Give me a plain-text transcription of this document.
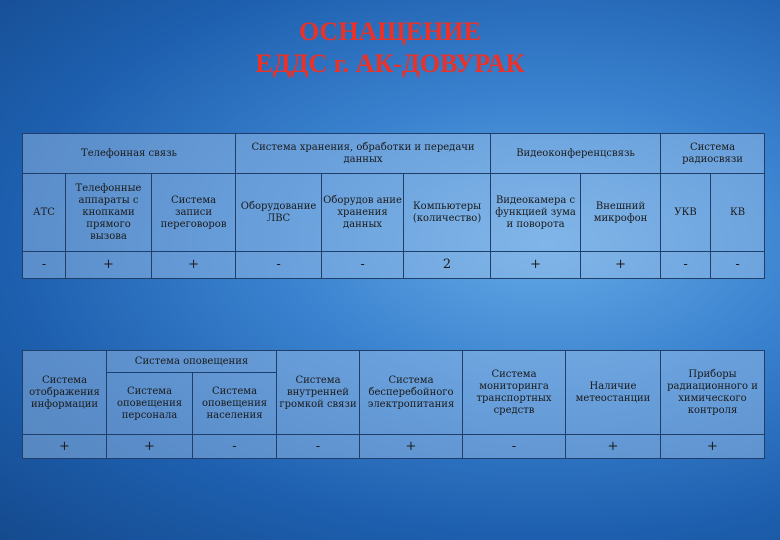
ОСНАЩЕНИЕ
ЕДДС г. АК-ДОВУРАК
Телефонная связь			Система хранения, обработки и передачи данных			Видеоконференцсвязь		Система радиосвязи	
АТС	Телефонные аппараты с кнопками прямого вызова	Система записи переговоров	Оборудование ЛВС	Оборудов ание хранения данных	Компьютеры (количество)	Видеокамера с функцией зума и поворота	Внешний микрофон	УКВ	КВ
-	+	+	-	-	2	+	+	-	-
Система отображения информации	Система оповещения		Система внутренней громкой связи	Система бесперебойного электропитания	Система мониторинга транспортных средств	Наличие метеостанции	Приборы радиационного и химического контроля
	Система оповещения персонала	Система оповещения населения					
+	+	-	-	+	-	+	+
